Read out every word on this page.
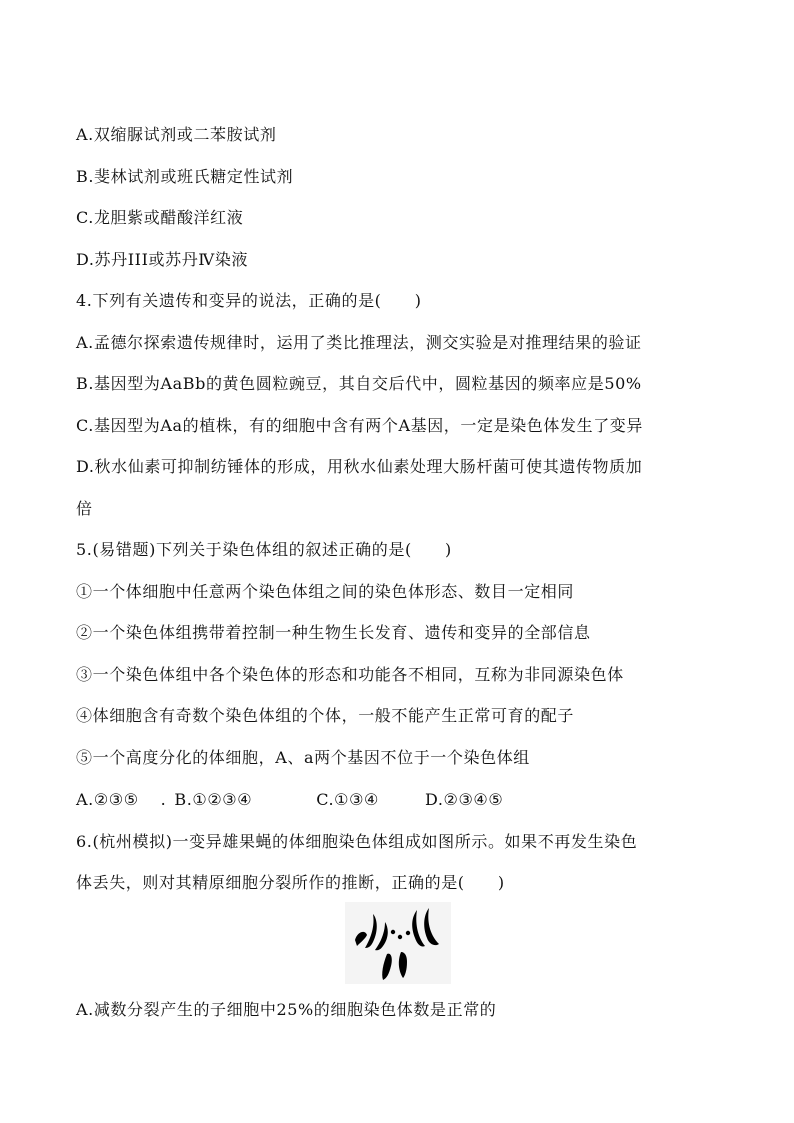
A.双缩脲试剂或二苯胺试剂
B.斐林试剂或班氏糖定性试剂
C.龙胆紫或醋酸洋红液
D.苏丹III或苏丹Ⅳ染液
4.下列有关遗传和变异的说法，正确的是(　　)
A.孟德尔探索遗传规律时，运用了类比推理法，测交实验是对推理结果的验证
B.基因型为AaBb的黄色圆粒豌豆，其自交后代中，圆粒基因的频率应是50%
C.基因型为Aa的植株，有的细胞中含有两个A基因，一定是染色体发生了变异
D.秋水仙素可抑制纺锤体的形成，用秋水仙素处理大肠杆菌可使其遗传物质加
倍
5.(易错题)下列关于染色体组的叙述正确的是(　　)
①一个体细胞中任意两个染色体组之间的染色体形态、数目一定相同
②一个染色体组携带着控制一种生物生长发育、遗传和变异的全部信息
③一个染色体组中各个染色体的形态和功能各不相同，互称为非同源染色体
④体细胞含有奇数个染色体组的个体，一般不能产生正常可育的配子
⑤一个高度分化的体细胞，A、a两个基因不位于一个染色体组
A.②③⑤ . B.①②③④	C.①③④	D.②③④⑤
6.(杭州模拟)一变异雄果蝇的体细胞染色体组成如图所示。如果不再发生染色
体丢失，则对其精原细胞分裂所作的推断，正确的是(　　)
A.减数分裂产生的子细胞中25%的细胞染色体数是正常的
